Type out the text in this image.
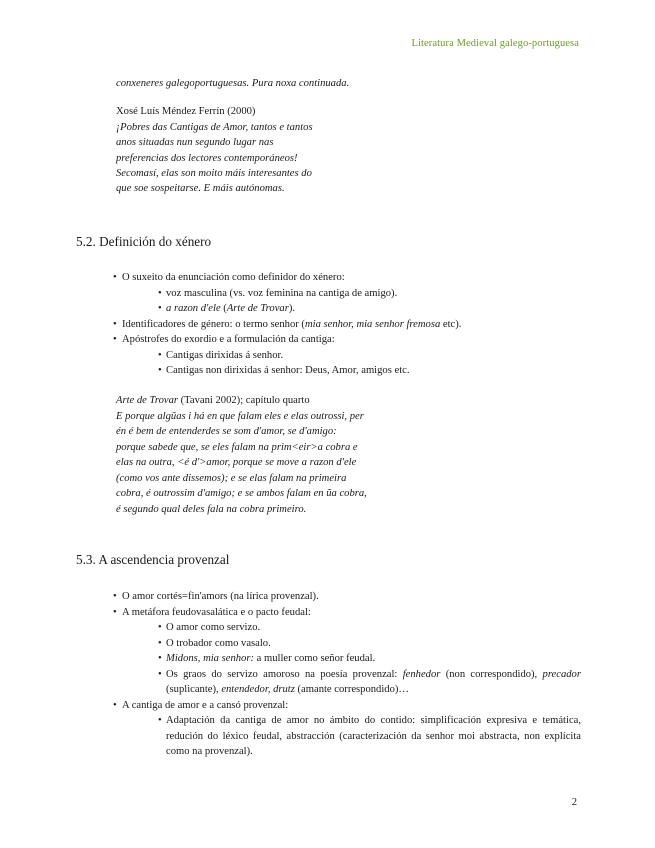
Literatura Medieval galego-portuguesa

conxeneres galegoportuguesas. Pura noxa continuada.

Xosé Luís Méndez Ferrín (2000)

¡Pobres das Cantigas de Amor, tantos e tantos

anos situadas nun segundo lugar nas

preferencias dos lectores contemporáneos!

Secomasí, elas son moito máis interesantes do

que soe sospeitarse. E máis autónomas.

5.2. Definición do xénero
• O suxeito da enunciación como definidor do xénero:
• voz masculina (vs. voz feminina na cantiga de amigo).
• a razon d'ele (Arte de Trovar).
• Identificadores de género: o termo senhor (mia senhor, mia senhor fremosa etc).
• Apóstrofes do exordio e a formulación da cantiga:
• Cantigas dirixidas á senhor.
• Cantigas non dirixidas á senhor: Deus, Amor, amigos etc.

Arte de Trovar (Tavani 2002); capítulo quarto

E porque algũas i há en que falam eles e elas outrossi, per

én é bem de entenderdes se som d'amor, se d'amigo:

porque sabede que, se eles falam na prim<eir>a cobra e

elas na outra, <é d'>amor, porque se move a razon d'ele

(como vos ante dissemos); e se elas falam na primeira

cobra, é outrossim d'amigo; e se ambos falam en ũa cobra,

é segundo qual deles fala na cobra primeiro.

5.3. A ascendencia provenzal
• O amor cortés=fin'amors (na lírica provenzal).
• A metáfora feudovasalática e o pacto feudal:
• O amor como servizo.
• O trobador como vasalo.
• Midons, mia senhor: a muller como señor feudal.
• Os graos do servizo amoroso na poesía provenzal: fenhedor (non correspondido), precador (suplicante), entendedor, drutz (amante correspondido)…
• A cantiga de amor e a cansó provenzal:
• Adaptación da cantiga de amor no ámbito do contido: simplificación expresiva e temática, redución do léxico feudal, abstracción (caracterización da senhor moi abstracta, non explícita como na provenzal).
2
